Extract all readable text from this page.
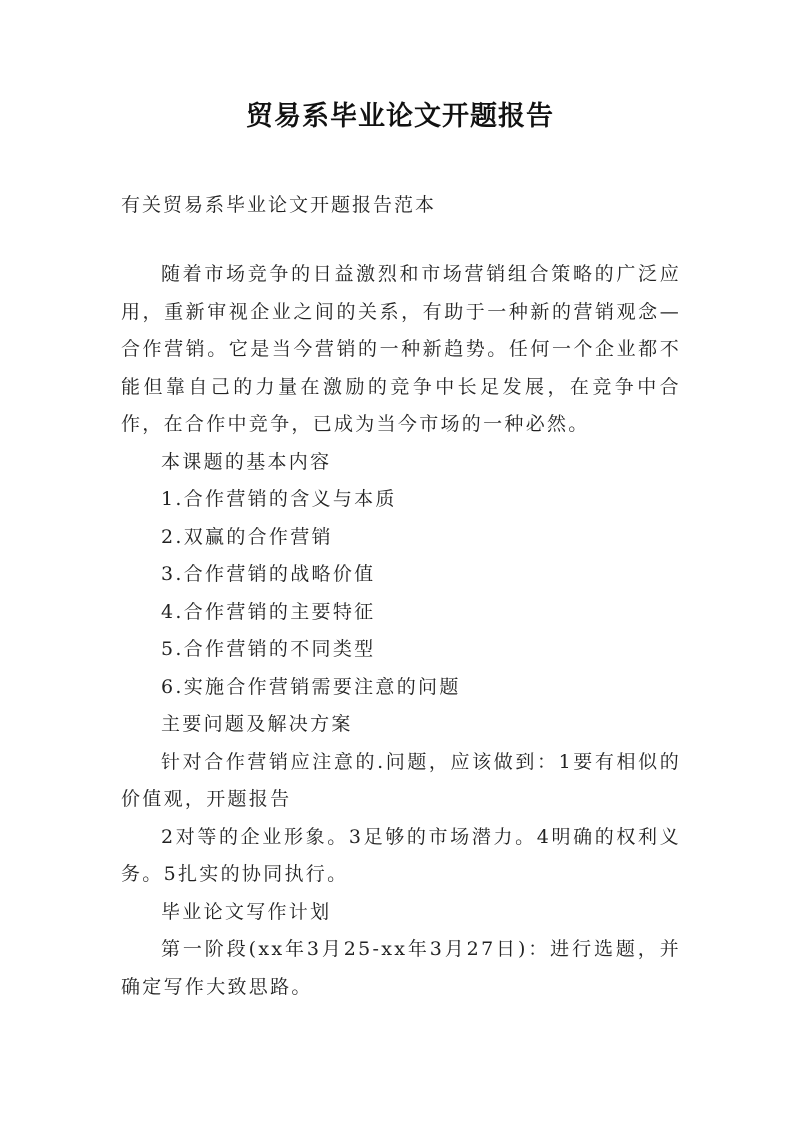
贸易系毕业论文开题报告
有关贸易系毕业论文开题报告范本

随着市场竞争的日益激烈和市场营销组合策略的广泛应用，重新审视企业之间的关系，有助于一种新的营销观念—合作营销。它是当今营销的一种新趋势。任何一个企业都不能但靠自己的力量在激励的竞争中长足发展，在竞争中合作，在合作中竞争，已成为当今市场的一种必然。

本课题的基本内容

1.合作营销的含义与本质

2.双赢的合作营销

3.合作营销的战略价值

4.合作营销的主要特征

5.合作营销的不同类型

6.实施合作营销需要注意的问题

主要问题及解决方案

针对合作营销应注意的.问题，应该做到：1要有相似的价值观，开题报告

2对等的企业形象。3足够的市场潜力。4明确的权利义务。5扎实的协同执行。

毕业论文写作计划

第一阶段(xx年3月25-xx年3月27日)：进行选题，并确定写作大致思路。
